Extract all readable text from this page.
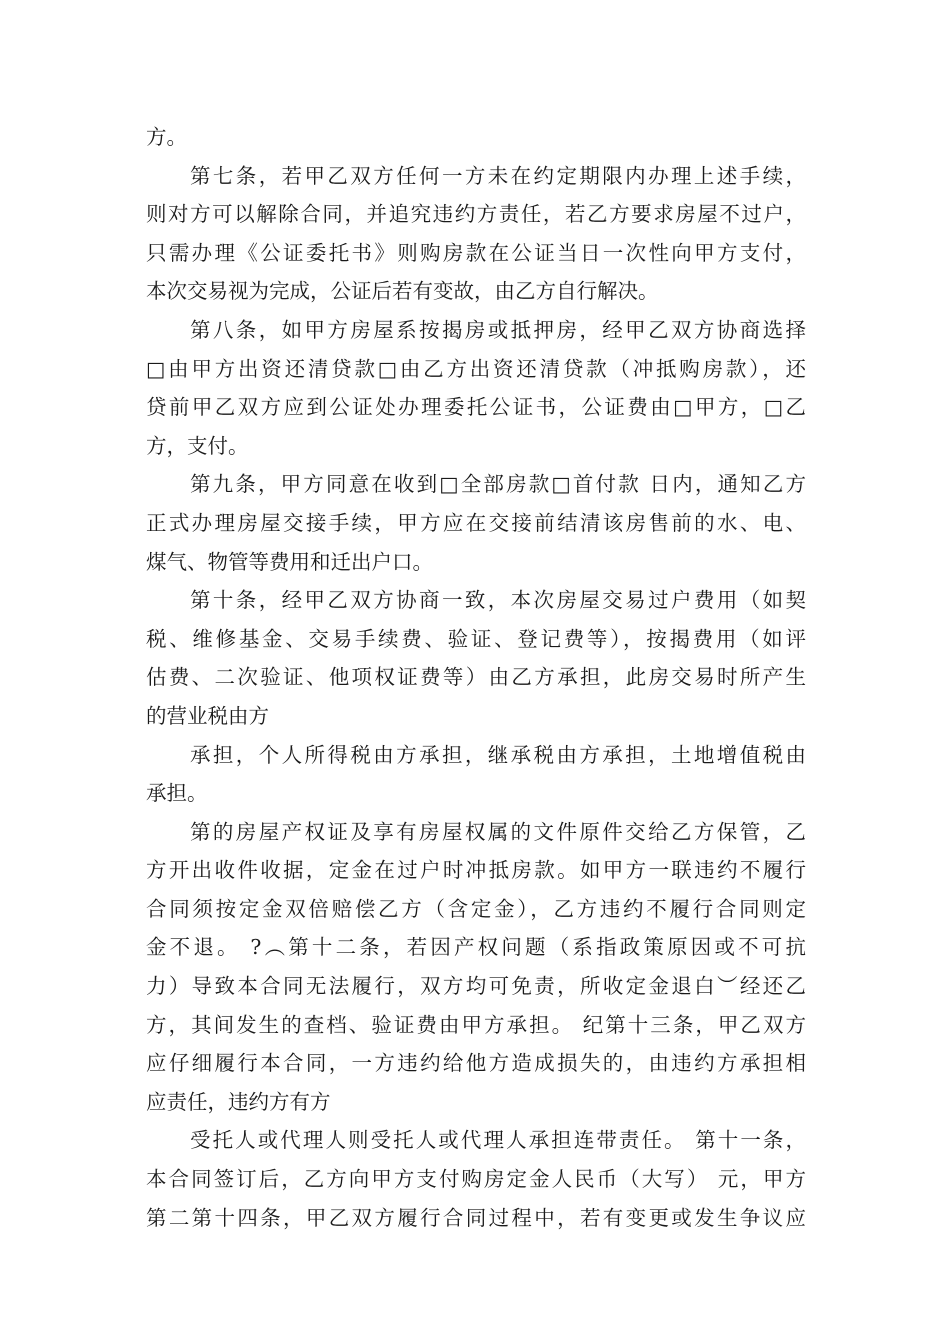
方。
第七条，若甲乙双方任何一方未在约定期限内办理上述手续，
则对方可以解除合同，并追究违约方责任，若乙方要求房屋不过户，
只需办理《公证委托书》则购房款在公证当日一次性向甲方支付，
本次交易视为完成，公证后若有变故，由乙方自行解决。
第八条，如甲方房屋系按揭房或抵押房，经甲乙双方协商选择
□由甲方出资还清贷款□由乙方出资还清贷款（冲抵购房款），还
贷前甲乙双方应到公证处办理委托公证书，公证费由□甲方，□乙
方，支付。
第九条，甲方同意在收到□全部房款□首付款 日内，通知乙方
正式办理房屋交接手续，甲方应在交接前结清该房售前的水、电、
煤气、物管等费用和迁出户口。
第十条，经甲乙双方协商一致，本次房屋交易过户费用（如契
税、维修基金、交易手续费、验证、登记费等），按揭费用（如评
估费、二次验证、他项权证费等）由乙方承担，此房交易时所产生
的营业税由方
承担，个人所得税由方承担，继承税由方承担，土地增值税由
承担。
第的房屋产权证及享有房屋权属的文件原件交给乙方保管，乙
方开出收件收据，定金在过户时冲抵房款。如甲方一联违约不履行
合同须按定金双倍赔偿乙方（含定金），乙方违约不履行合同则定
金不退。 ?︵第十二条，若因产权问题（系指政策原因或不可抗
力）导致本合同无法履行，双方均可免责，所收定金退白︶经还乙
方，其间发生的查档、验证费由甲方承担。 纪第十三条，甲乙双方
应仔细履行本合同，一方违约给他方造成损失的，由违约方承担相
应责任，违约方有方
受托人或代理人则受托人或代理人承担连带责任。 第十一条，
本合同签订后，乙方向甲方支付购房定金人民币（大写） 元，甲方
第二第十四条，甲乙双方履行合同过程中，若有变更或发生争议应
